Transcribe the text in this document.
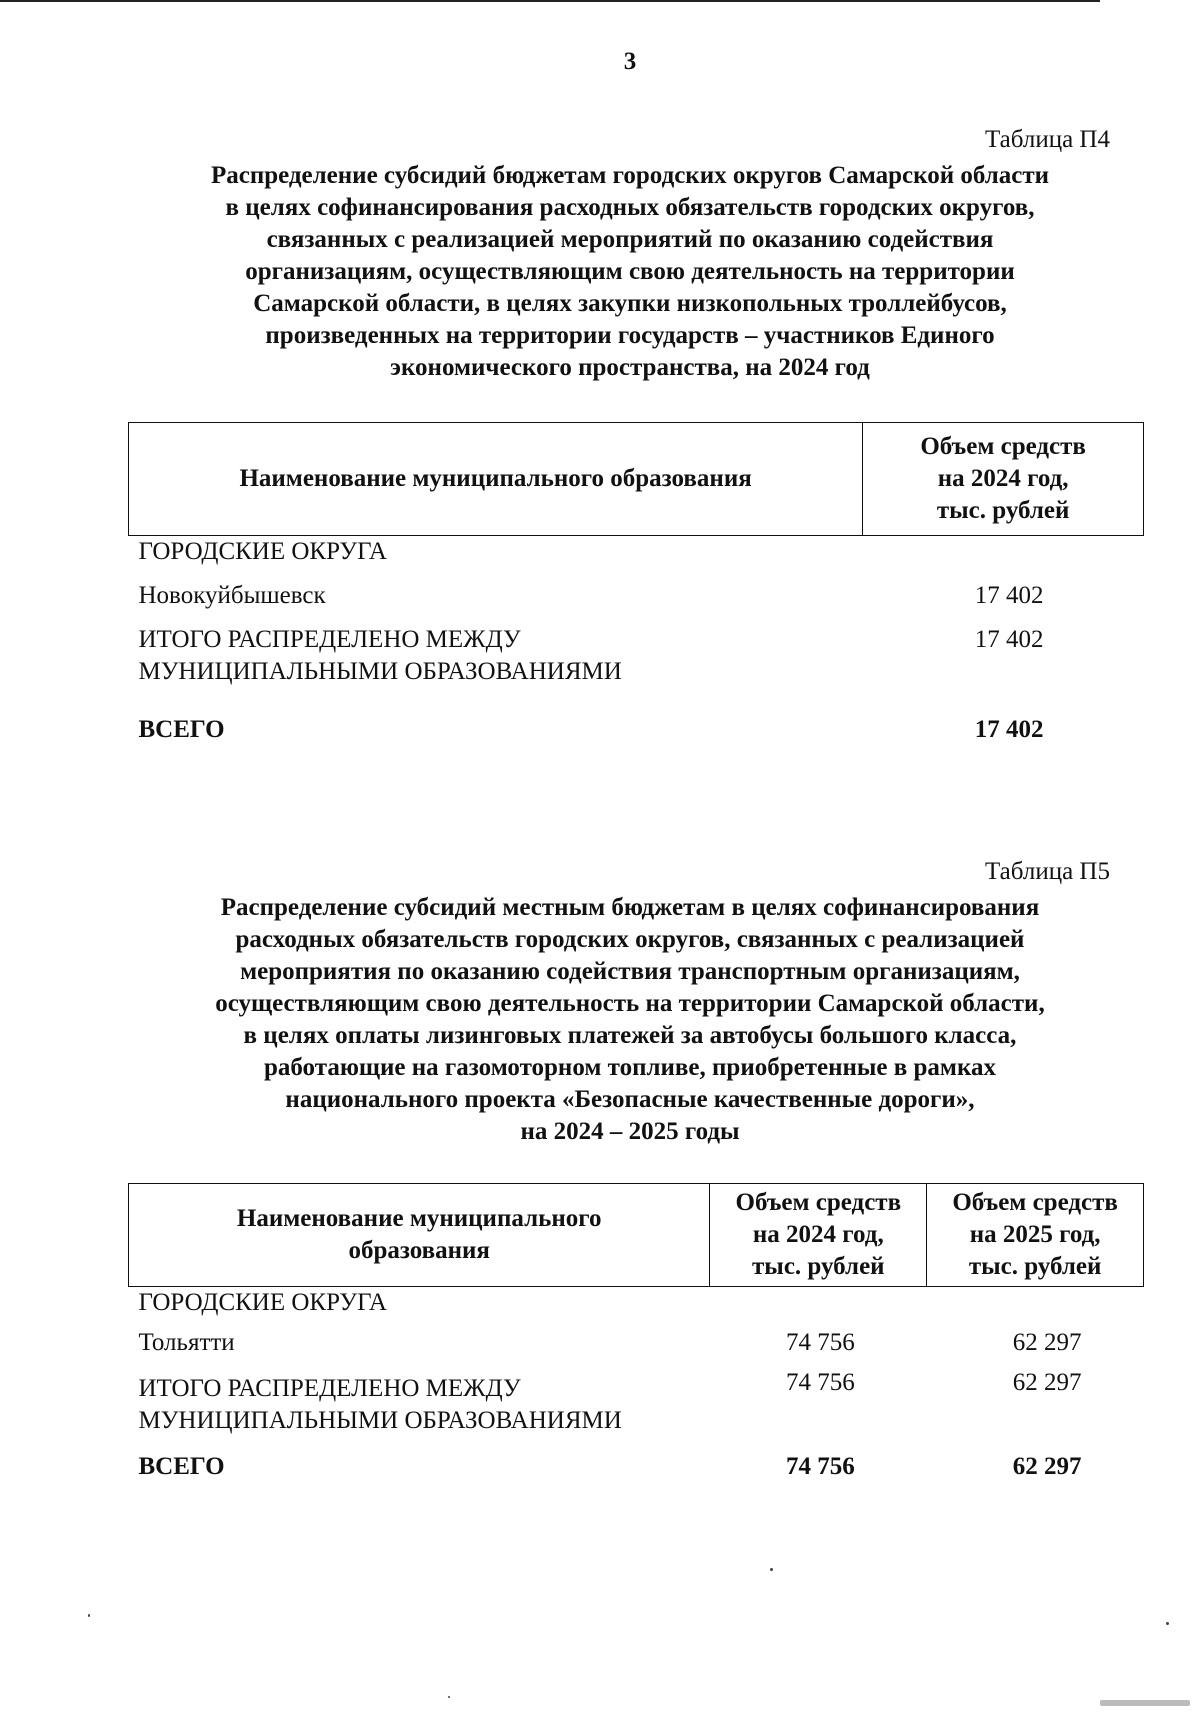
3
Таблица П4
Распределение субсидий бюджетам городских округов Самарской области
в целях софинансирования расходных обязательств городских округов,
связанных с реализацией мероприятий по оказанию содействия
организациям, осуществляющим свою деятельность на территории
Самарской области, в целях закупки низкопольных троллейбусов,
произведенных на территории государств – участников Единого
экономического пространства, на 2024 год
Наименование муниципального образования	Объем средств
на 2024 год,
тыс. рублей

ГОРОДСКИЕ ОКРУГА	
Новокуйбышевск	17 402

ИТОГО РАСПРЕДЕЛЕНО МЕЖДУ
МУНИЦИПАЛЬНЫМИ ОБРАЗОВАНИЯМИ	17 402
ВСЕГО	17 402
Таблица П5
Распределение субсидий местным бюджетам в целях софинансирования
расходных обязательств городских округов, связанных с реализацией
мероприятия по оказанию содействия транспортным организациям,
осуществляющим свою деятельность на территории Самарской области,
в целях оплаты лизинговых платежей за автобусы большого класса,
работающие на газомоторном топливе, приобретенные в рамках
национального проекта «Безопасные качественные дороги»,
на 2024 – 2025 годы
Наименование муниципального
образования	Объем средств
на 2024 год,
тыс. рублей	Объем средств
на 2025 год,
тыс. рублей

ГОРОДСКИЕ ОКРУГА		
Тольятти	74 756	62 297

ИТОГО РАСПРЕДЕЛЕНО МЕЖДУ
МУНИЦИПАЛЬНЫМИ ОБРАЗОВАНИЯМИ	74 756	62 297
ВСЕГО	74 756	62 297
